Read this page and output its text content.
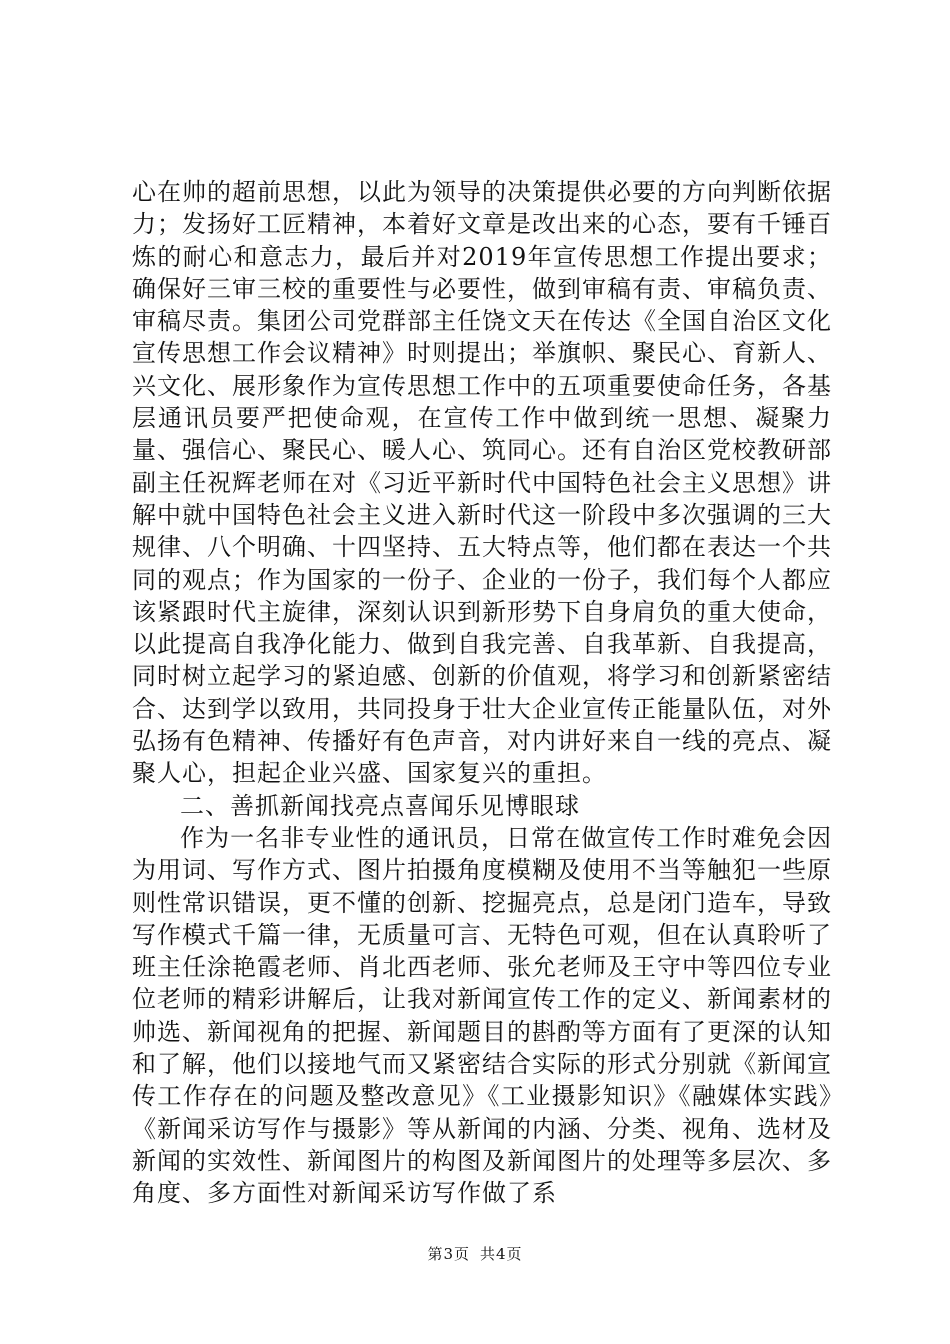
心在帅的超前思想，以此为领导的决策提供必要的方向判断依据力；发扬好工匠精神，本着好文章是改出来的心态，要有千锤百炼的耐心和意志力，最后并对2019年宣传思想工作提出要求；确保好三审三校的重要性与必要性，做到审稿有责、审稿负责、审稿尽责。集团公司党群部主任饶文天在传达《全国自治区文化宣传思想工作会议精神》时则提出；举旗帜、聚民心、育新人、兴文化、展形象作为宣传思想工作中的五项重要使命任务，各基层通讯员要严把使命观，在宣传工作中做到统一思想、凝聚力量、强信心、聚民心、暖人心、筑同心。还有自治区党校教研部副主任祝辉老师在对《习近平新时代中国特色社会主义思想》讲解中就中国特色社会主义进入新时代这一阶段中多次强调的三大规律、八个明确、十四坚持、五大特点等，他们都在表达一个共同的观点；作为国家的一份子、企业的一份子，我们每个人都应该紧跟时代主旋律，深刻认识到新形势下自身肩负的重大使命，以此提高自我净化能力、做到自我完善、自我革新、自我提高，同时树立起学习的紧迫感、创新的价值观，将学习和创新紧密结合、达到学以致用，共同投身于壮大企业宣传正能量队伍，对外弘扬有色精神、传播好有色声音，对内讲好来自一线的亮点、凝聚人心，担起企业兴盛、国家复兴的重担。

二、善抓新闻找亮点喜闻乐见博眼球

作为一名非专业性的通讯员，日常在做宣传工作时难免会因为用词、写作方式、图片拍摄角度模糊及使用不当等触犯一些原则性常识错误，更不懂的创新、挖掘亮点，总是闭门造车，导致写作模式千篇一律，无质量可言、无特色可观，但在认真聆听了班主任涂艳霞老师、肖北西老师、张允老师及王守中等四位专业位老师的精彩讲解后，让我对新闻宣传工作的定义、新闻素材的帅选、新闻视角的把握、新闻题目的斟酌等方面有了更深的认知和了解，他们以接地气而又紧密结合实际的形式分别就《新闻宣传工作存在的问题及整改意见》《工业摄影知识》《融媒体实践》《新闻采访写作与摄影》等从新闻的内涵、分类、视角、选材及新闻的实效性、新闻图片的构图及新闻图片的处理等多层次、多角度、多方面性对新闻采访写作做了系

第3页 共4页
